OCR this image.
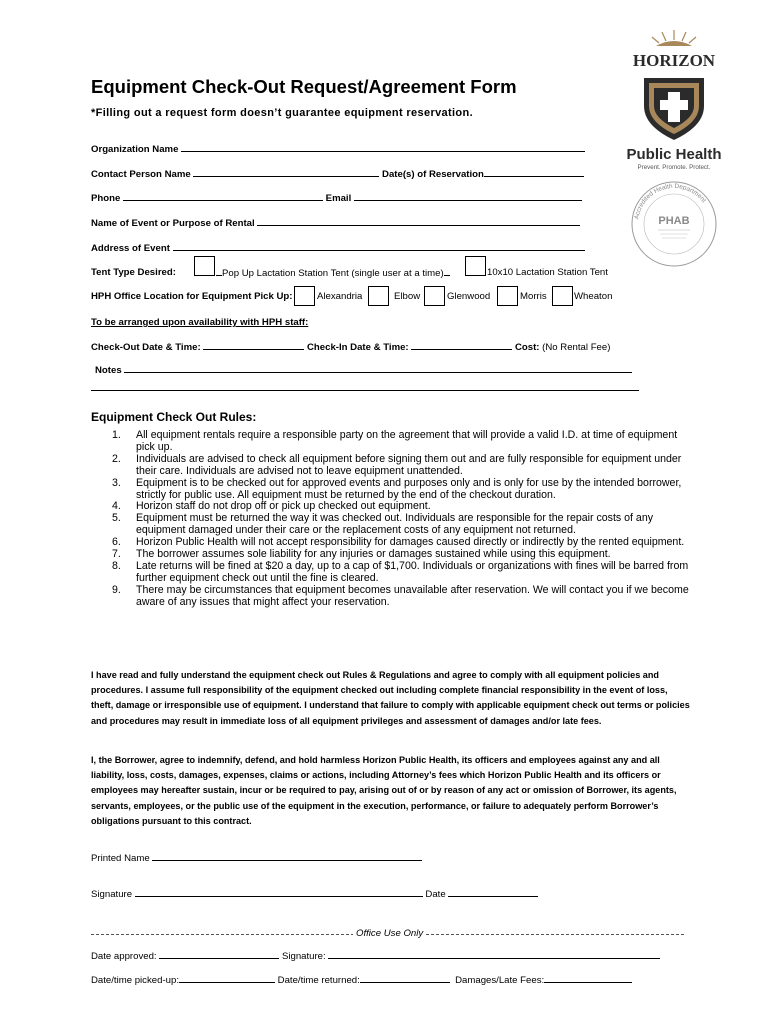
HORIZON
Public Health
Prevent. Promote. Protect.
Accredited Health Department
PHAB
Equipment Check-Out Request/Agreement Form
*Filling out a request form doesn’t guarantee equipment reservation.
Organization Name
Contact Person Name	Date(s) of Reservation
Phone	Email
Name of Event or Purpose of Rental
Address of Event
Tent Type Desired:	Pop Up Lactation Station Tent (single user at a time)	10x10 Lactation Station Tent
HPH Office Location for Equipment Pick Up:	Alexandria	Elbow	Glenwood	Morris	Wheaton
To be arranged upon availability with HPH staff:
Check-Out Date & Time:	Check-In Date & Time:	Cost: (No Rental Fee)
Notes
Equipment Check Out Rules:
1. All equipment rentals require a responsible party on the agreement that will provide a valid I.D. at time of equipment pick up.
2. Individuals are advised to check all equipment before signing them out and are fully responsible for equipment under their care. Individuals are advised not to leave equipment unattended.
3. Equipment is to be checked out for approved events and purposes only and is only for use by the intended borrower, strictly for public use. All equipment must be returned by the end of the checkout duration.
4. Horizon staff do not drop off or pick up checked out equipment.
5. Equipment must be returned the way it was checked out. Individuals are responsible for the repair costs of any equipment damaged under their care or the replacement costs of any equipment not returned.
6. Horizon Public Health will not accept responsibility for damages caused directly or indirectly by the rented equipment.
7. The borrower assumes sole liability for any injuries or damages sustained while using this equipment.
8. Late returns will be fined at $20 a day, up to a cap of $1,700. Individuals or organizations with fines will be barred from further equipment check out until the fine is cleared.
9. There may be circumstances that equipment becomes unavailable after reservation. We will contact you if we become aware of any issues that might affect your reservation.
I have read and fully understand the equipment check out Rules & Regulations and agree to comply with all equipment policies and procedures. I assume full responsibility of the equipment checked out including complete financial responsibility in the event of loss, theft, damage or irresponsible use of equipment. I understand that failure to comply with applicable equipment check out terms or policies and procedures may result in immediate loss of all equipment privileges and assessment of damages and/or late fees.
I, the Borrower, agree to indemnify, defend, and hold harmless Horizon Public Health, its officers and employees against any and all liability, loss, costs, damages, expenses, claims or actions, including Attorney’s fees which Horizon Public Health and its officers or employees may hereafter sustain, incur or be required to pay, arising out of or by reason of any act or omission of Borrower, its agents, servants, employees, or the public use of the equipment in the execution, performance, or failure to adequately perform Borrower’s obligations pursuant to this contract.
Printed Name
Signature	Date
Office Use Only
Date approved:	Signature:
Date/time picked-up:	Date/time returned:	Damages/Late Fees:
